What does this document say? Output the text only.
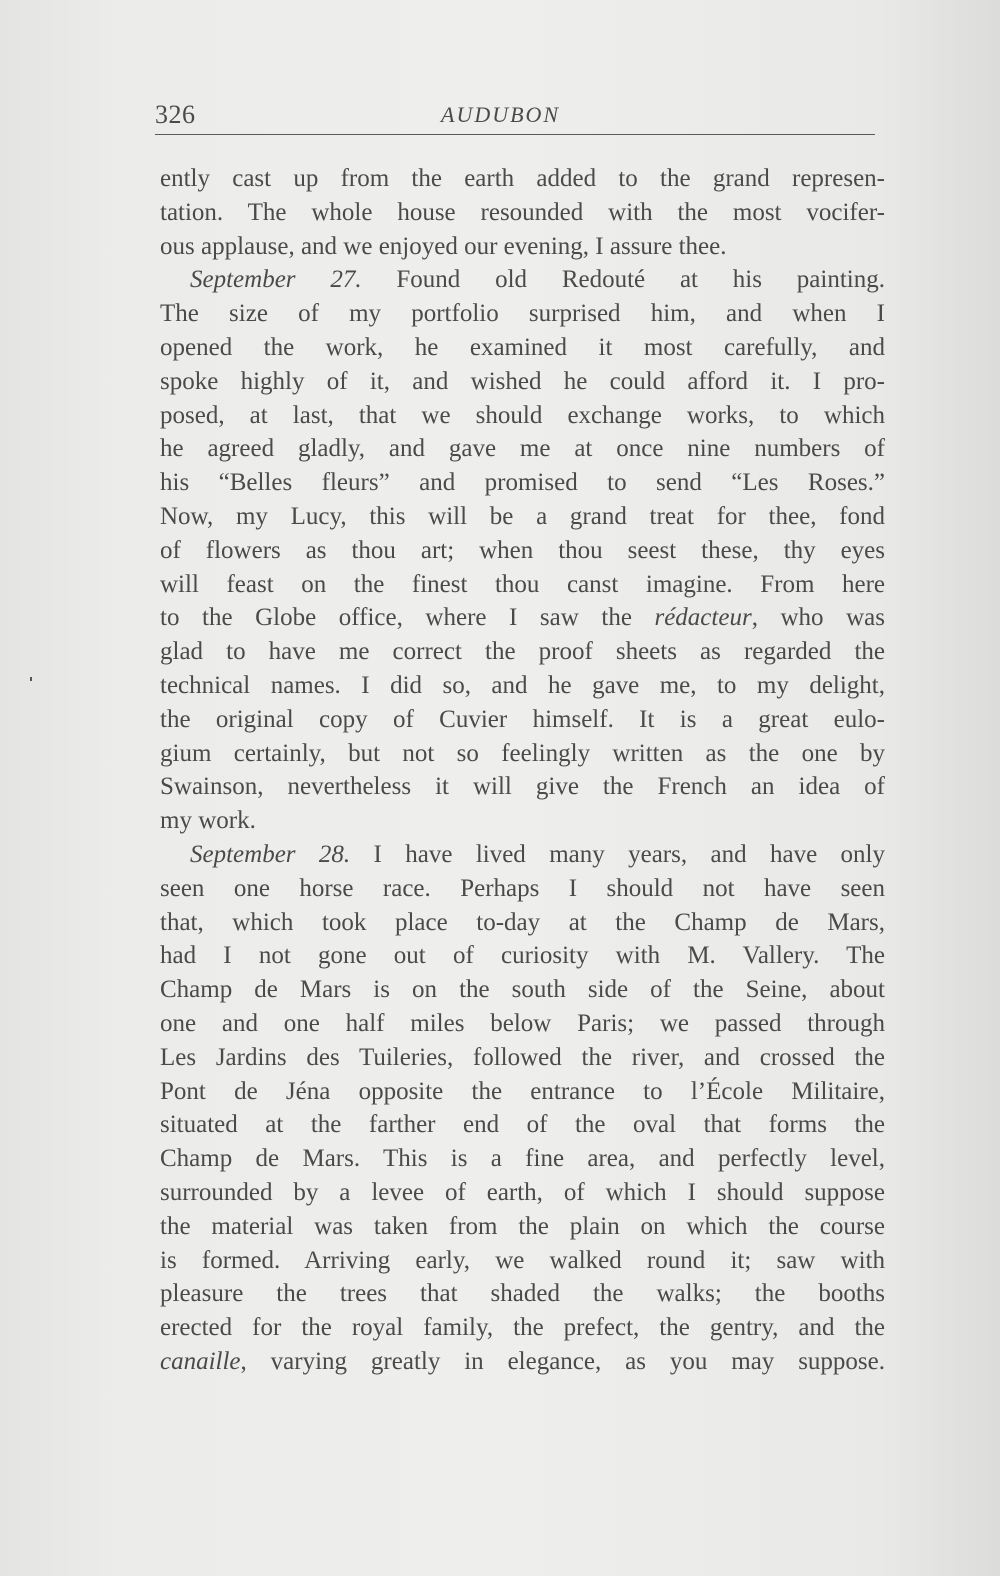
326	AUDUBON
ently cast up from the earth added to the grand represen-
tation. The whole house resounded with the most vocifer-
ous applause, and we enjoyed our evening, I assure thee.
September 27. Found old Redouté at his painting.
The size of my portfolio surprised him, and when I
opened the work, he examined it most carefully, and
spoke highly of it, and wished he could afford it. I pro-
posed, at last, that we should exchange works, to which
he agreed gladly, and gave me at once nine numbers of
his “Belles fleurs” and promised to send “Les Roses.”
Now, my Lucy, this will be a grand treat for thee, fond
of flowers as thou art; when thou seest these, thy eyes
will feast on the finest thou canst imagine. From here
to the Globe office, where I saw the rédacteur, who was
glad to have me correct the proof sheets as regarded the
technical names. I did so, and he gave me, to my delight,
the original copy of Cuvier himself. It is a great eulo-
gium certainly, but not so feelingly written as the one by
Swainson, nevertheless it will give the French an idea of
my work.
September 28. I have lived many years, and have only
seen one horse race. Perhaps I should not have seen
that, which took place to-day at the Champ de Mars,
had I not gone out of curiosity with M. Vallery. The
Champ de Mars is on the south side of the Seine, about
one and one half miles below Paris; we passed through
Les Jardins des Tuileries, followed the river, and crossed the
Pont de Jéna opposite the entrance to l’École Militaire,
situated at the farther end of the oval that forms the
Champ de Mars. This is a fine area, and perfectly level,
surrounded by a levee of earth, of which I should suppose
the material was taken from the plain on which the course
is formed. Arriving early, we walked round it; saw with
pleasure the trees that shaded the walks; the booths
erected for the royal family, the prefect, the gentry, and the
canaille, varying greatly in elegance, as you may suppose.
